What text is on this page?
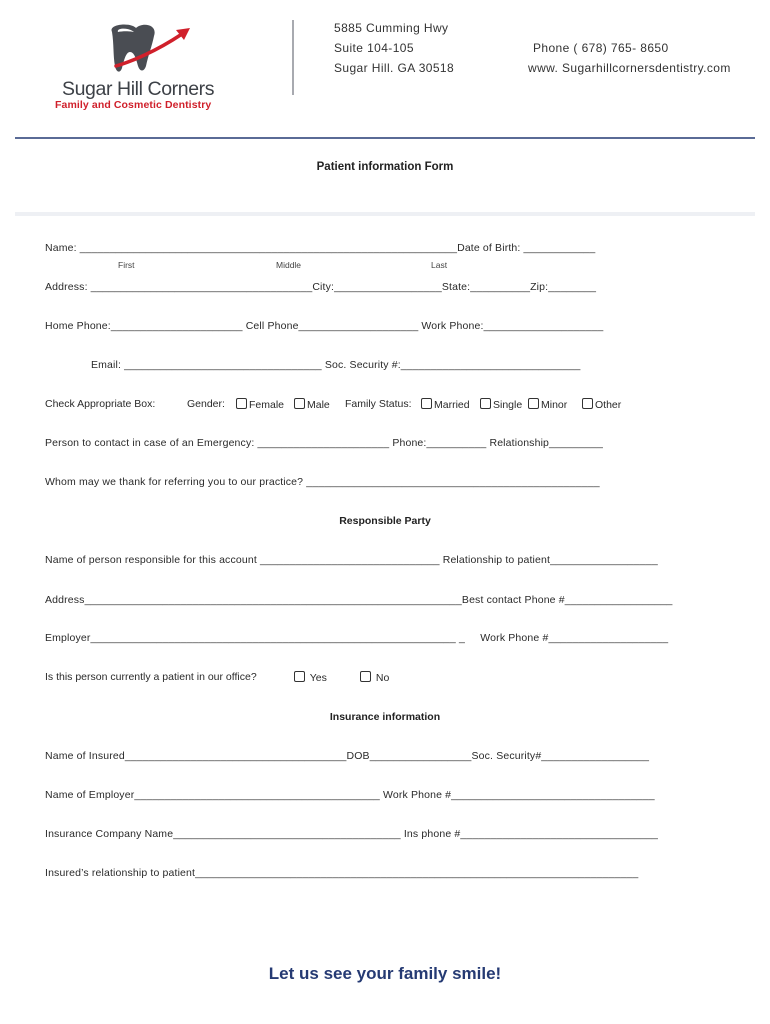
Sugar Hill Corners
Family and Cosmetic Dentistry
5885 Cumming Hwy
Suite 104-105
Sugar Hill. GA 30518
Phone ( 678) 765- 8650
www. Sugarhillcornersdentistry.com
Patient information Form
Name: _______________________________________________________________Date of Birth: ____________
First	Middle	Last
Address: _____________________________________City:__________________State:__________Zip:________
Home Phone:______________________ Cell Phone____________________ Work Phone:____________________
Email: _________________________________ Soc. Security #:______________________________
Check Appropriate Box:	Gender:	Female	Male Family Status:	Married	Single	Minor	Other
Person to contact in case of an Emergency: ______________________ Phone:__________ Relationship_________
Whom may we thank for referring you to our practice? _________________________________________________
Responsible Party
Name of person responsible for this account ______________________________ Relationship to patient__________________
Address_______________________________________________________________Best contact Phone #__________________
Employer_____________________________________________________________ _     Work Phone #____________________
Is this person currently a patient in our office?	Yes	No
Insurance information
Name of Insured_____________________________________DOB_________________Soc. Security#__________________
Name of Employer_________________________________________ Work Phone #__________________________________
Insurance Company Name______________________________________ Ins phone #_________________________________
Insured’s relationship to patient__________________________________________________________________________
Let us see your family smile!
